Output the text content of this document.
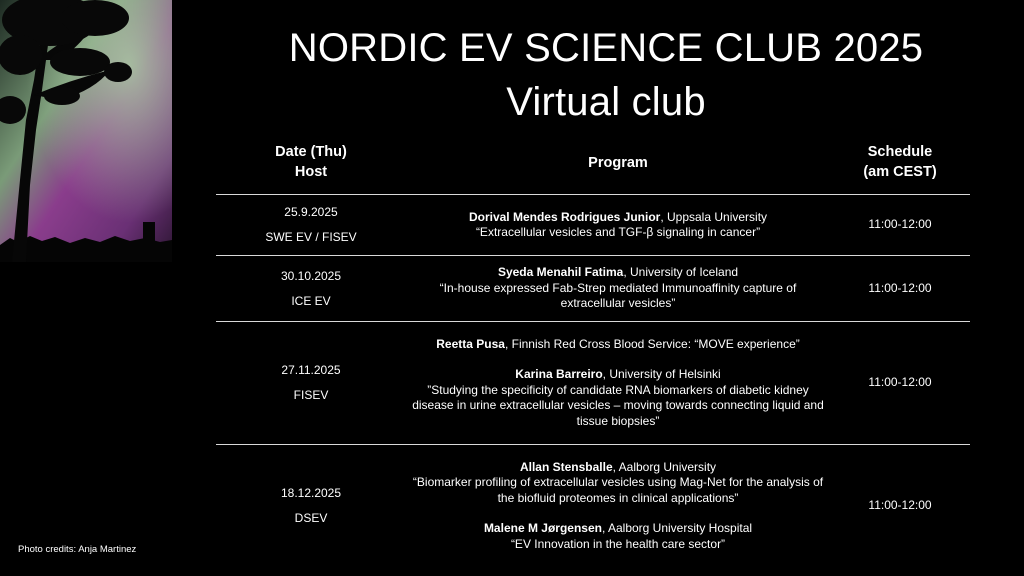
Photo credits: Anja Martinez
NORDIC EV SCIENCE CLUB 2025
Virtual club
Date (Thu)
Host
Program
Schedule
(am CEST)
25.9.2025
SWE EV / FISEV
Dorival Mendes Rodrigues Junior, Uppsala University
“Extracellular vesicles and TGF-β signaling in cancer”
11:00-12:00
30.10.2025
ICE EV
Syeda Menahil Fatima, University of Iceland
“In-house expressed Fab-Strep mediated Immunoaffinity capture of extracellular vesicles”
11:00-12:00
27.11.2025
FISEV
Reetta Pusa, Finnish Red Cross Blood Service: “MOVE experience”
Karina Barreiro, University of Helsinki
”Studying the specificity of candidate RNA biomarkers of diabetic kidney disease in urine extracellular vesicles – moving towards connecting liquid and tissue biopsies”
11:00-12:00
18.12.2025
DSEV
Allan Stensballe, Aalborg University
“Biomarker profiling of extracellular vesicles using Mag-Net for the analysis of the biofluid proteomes in clinical applications”
Malene M Jørgensen, Aalborg University Hospital
“EV Innovation in the health care sector”
11:00-12:00
